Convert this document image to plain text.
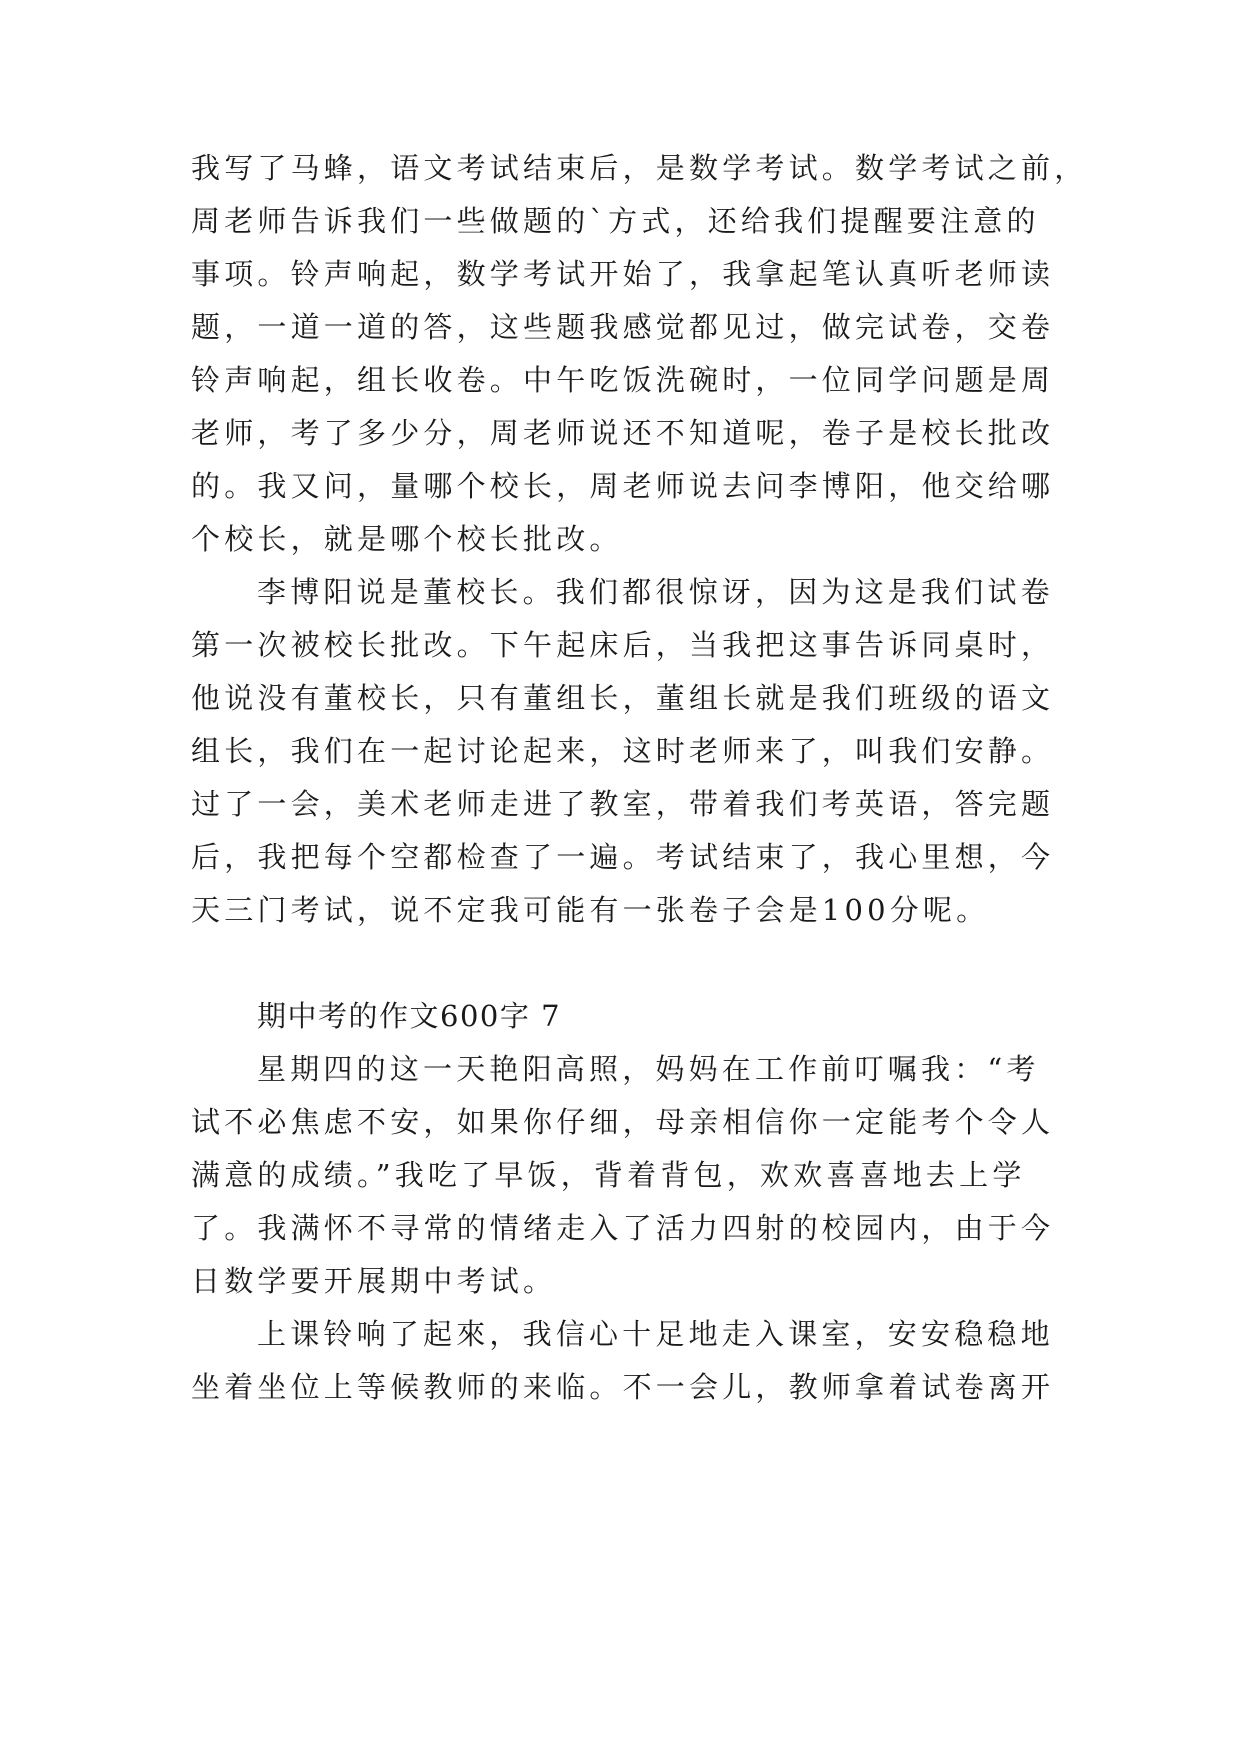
我写了马蜂，语文考试结束后，是数学考试。数学考试之前，
周老师告诉我们一些做题的`方式，还给我们提醒要注意的
事项。铃声响起，数学考试开始了，我拿起笔认真听老师读
题，一道一道的答，这些题我感觉都见过，做完试卷，交卷
铃声响起，组长收卷。中午吃饭洗碗时，一位同学问题是周
老师，考了多少分，周老师说还不知道呢，卷子是校长批改
的。我又问，量哪个校长，周老师说去问李博阳，他交给哪
个校长，就是哪个校长批改。
李博阳说是董校长。我们都很惊讶，因为这是我们试卷
第一次被校长批改。下午起床后，当我把这事告诉同桌时，
他说没有董校长，只有董组长，董组长就是我们班级的语文
组长，我们在一起讨论起来，这时老师来了，叫我们安静。
过了一会，美术老师走进了教室，带着我们考英语，答完题
后，我把每个空都检查了一遍。考试结束了，我心里想，今
天三门考试，说不定我可能有一张卷子会是100分呢。
期中考的作文600字 7
星期四的这一天艳阳高照，妈妈在工作前叮嘱我：“考
试不必焦虑不安，如果你仔细，母亲相信你一定能考个令人
满意的成绩。”我吃了早饭，背着背包，欢欢喜喜地去上学
了。我满怀不寻常的情绪走入了活力四射的校园内，由于今
日数学要开展期中考试。
上课铃响了起來，我信心十足地走入课室，安安稳稳地
坐着坐位上等候教师的来临。不一会儿，教师拿着试卷离开
